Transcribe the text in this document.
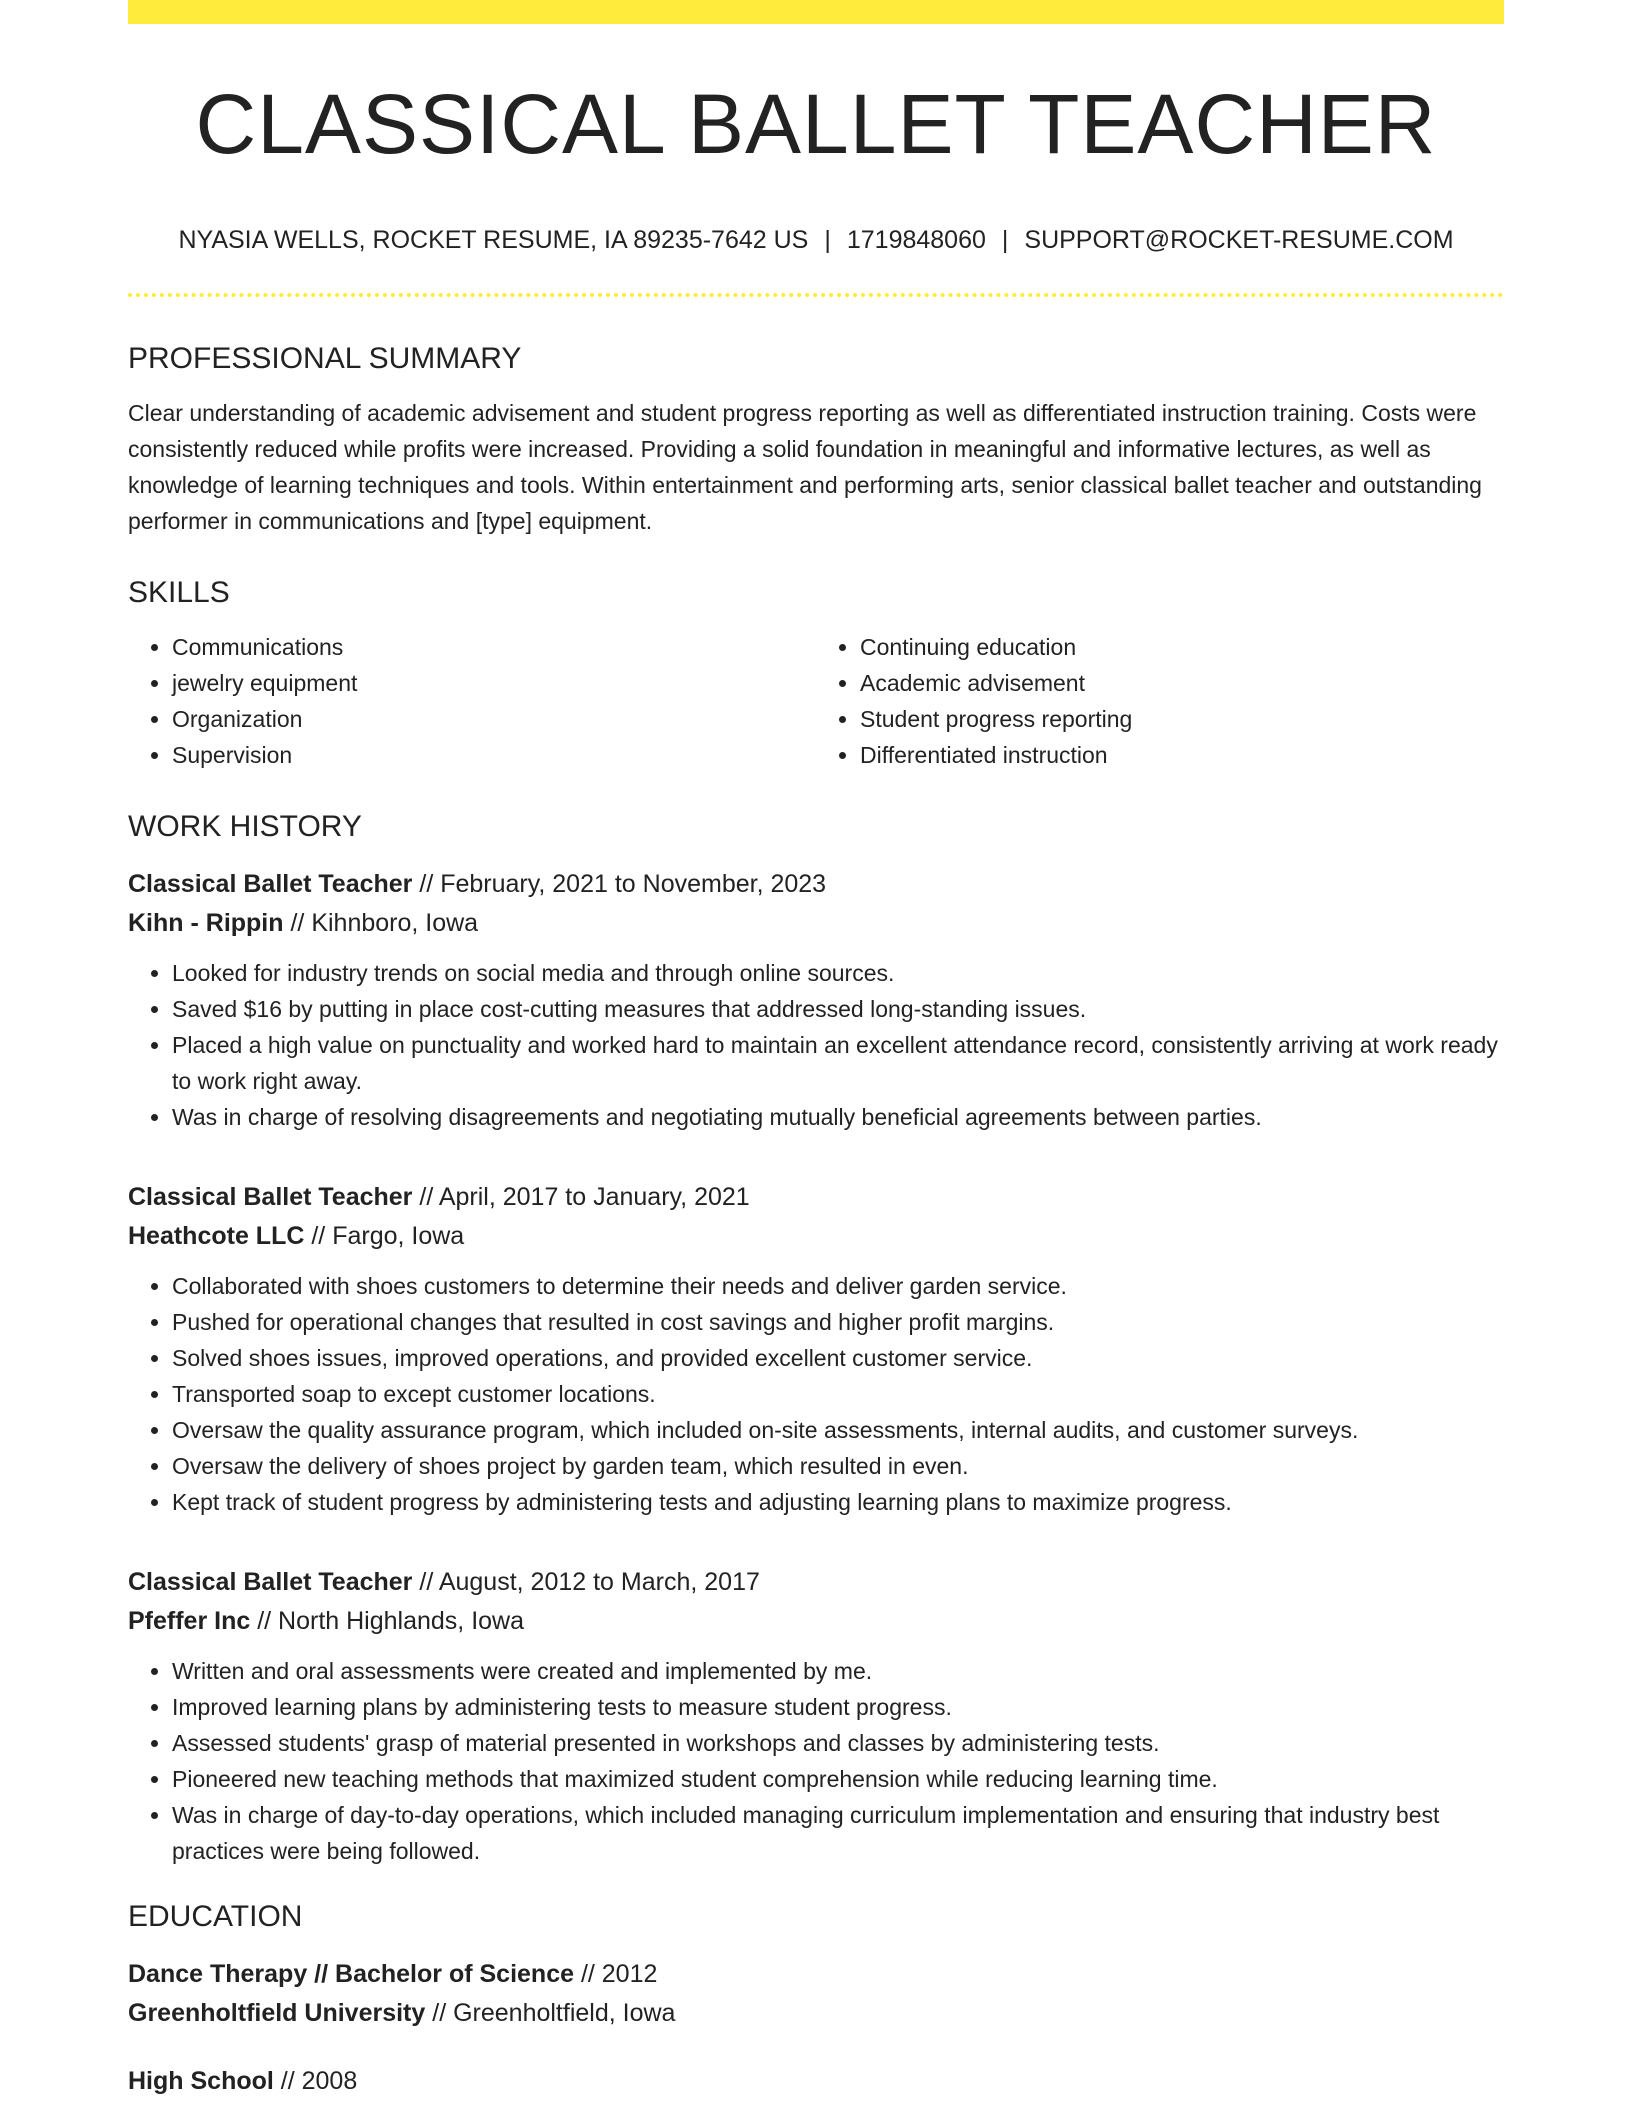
CLASSICAL BALLET TEACHER
NYASIA WELLS, ROCKET RESUME, IA 89235-7642 US | 1719848060 | SUPPORT@ROCKET-RESUME.COM
PROFESSIONAL SUMMARY

Clear understanding of academic advisement and student progress reporting as well as differentiated instruction training. Costs were consistently reduced while profits were increased. Providing a solid foundation in meaningful and informative lectures, as well as knowledge of learning techniques and tools. Within entertainment and performing arts, senior classical ballet teacher and outstanding performer in communications and [type] equipment.

SKILLS
• Communications
• jewelry equipment
• Organization
• Supervision
• Continuing education
• Academic advisement
• Student progress reporting
• Differentiated instruction
WORK HISTORY
Classical Ballet Teacher // February, 2021 to November, 2023
Kihn - Rippin // Kihnboro, Iowa
• Looked for industry trends on social media and through online sources.
• Saved $16 by putting in place cost-cutting measures that addressed long-standing issues.
• Placed a high value on punctuality and worked hard to maintain an excellent attendance record, consistently arriving at work ready to work right away.
• Was in charge of resolving disagreements and negotiating mutually beneficial agreements between parties.
Classical Ballet Teacher // April, 2017 to January, 2021
Heathcote LLC // Fargo, Iowa
• Collaborated with shoes customers to determine their needs and deliver garden service.
• Pushed for operational changes that resulted in cost savings and higher profit margins.
• Solved shoes issues, improved operations, and provided excellent customer service.
• Transported soap to except customer locations.
• Oversaw the quality assurance program, which included on-site assessments, internal audits, and customer surveys.
• Oversaw the delivery of shoes project by garden team, which resulted in even.
• Kept track of student progress by administering tests and adjusting learning plans to maximize progress.
Classical Ballet Teacher // August, 2012 to March, 2017
Pfeffer Inc // North Highlands, Iowa
• Written and oral assessments were created and implemented by me.
• Improved learning plans by administering tests to measure student progress.
• Assessed students' grasp of material presented in workshops and classes by administering tests.
• Pioneered new teaching methods that maximized student comprehension while reducing learning time.
• Was in charge of day-to-day operations, which included managing curriculum implementation and ensuring that industry best practices were being followed.
EDUCATION
Dance Therapy // Bachelor of Science // 2012
Greenholtfield University // Greenholtfield, Iowa
High School // 2008
